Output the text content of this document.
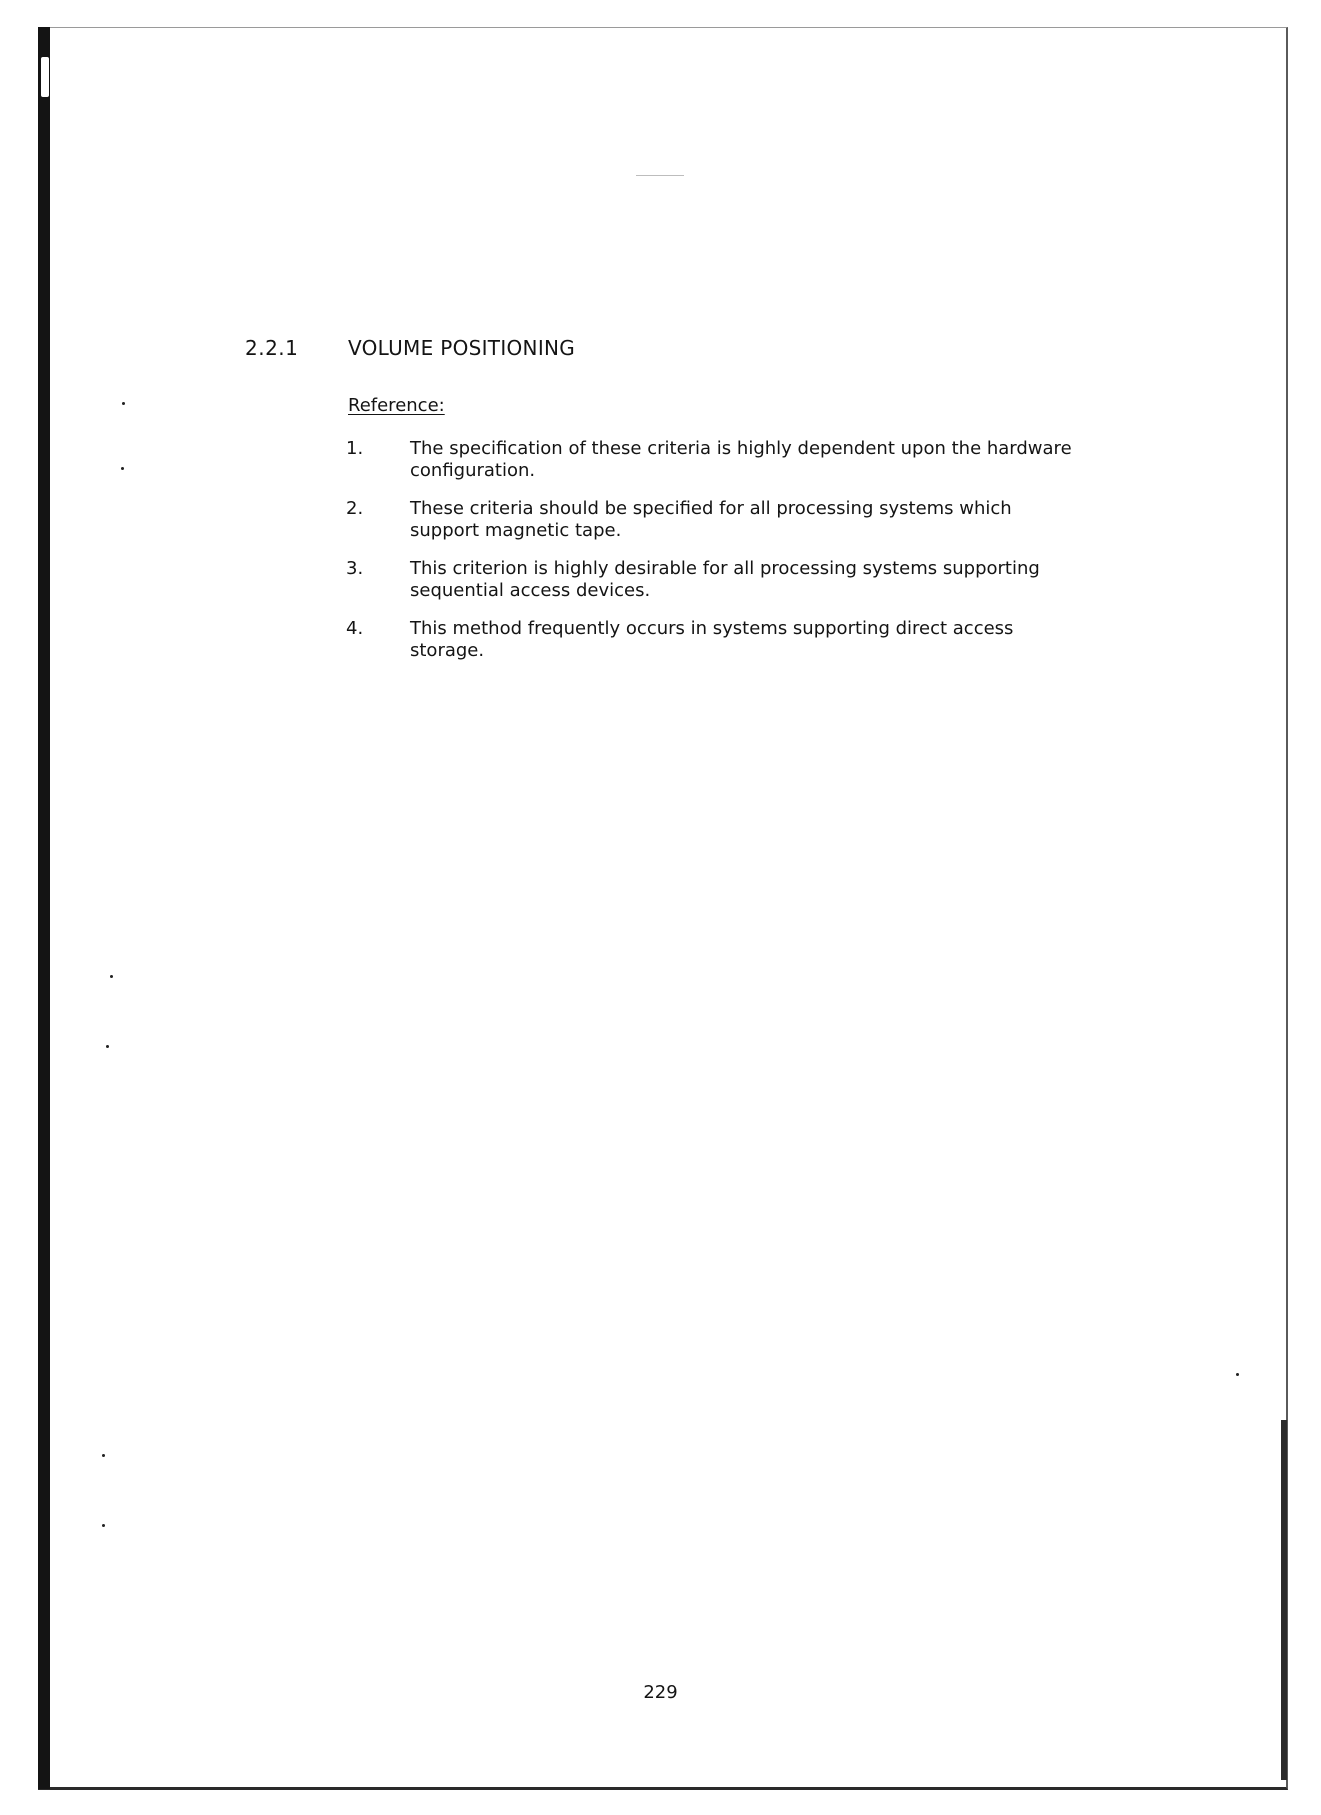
2.2.1	VOLUME POSITIONING
Reference:
1.	The specification of these criteria is highly dependent upon the hardware configuration.
2.	These criteria should be specified for all processing systems which support magnetic tape.
3.	This criterion is highly desirable for all processing systems supporting sequential access devices.
4.	This method frequently occurs in systems supporting direct access storage.
229
